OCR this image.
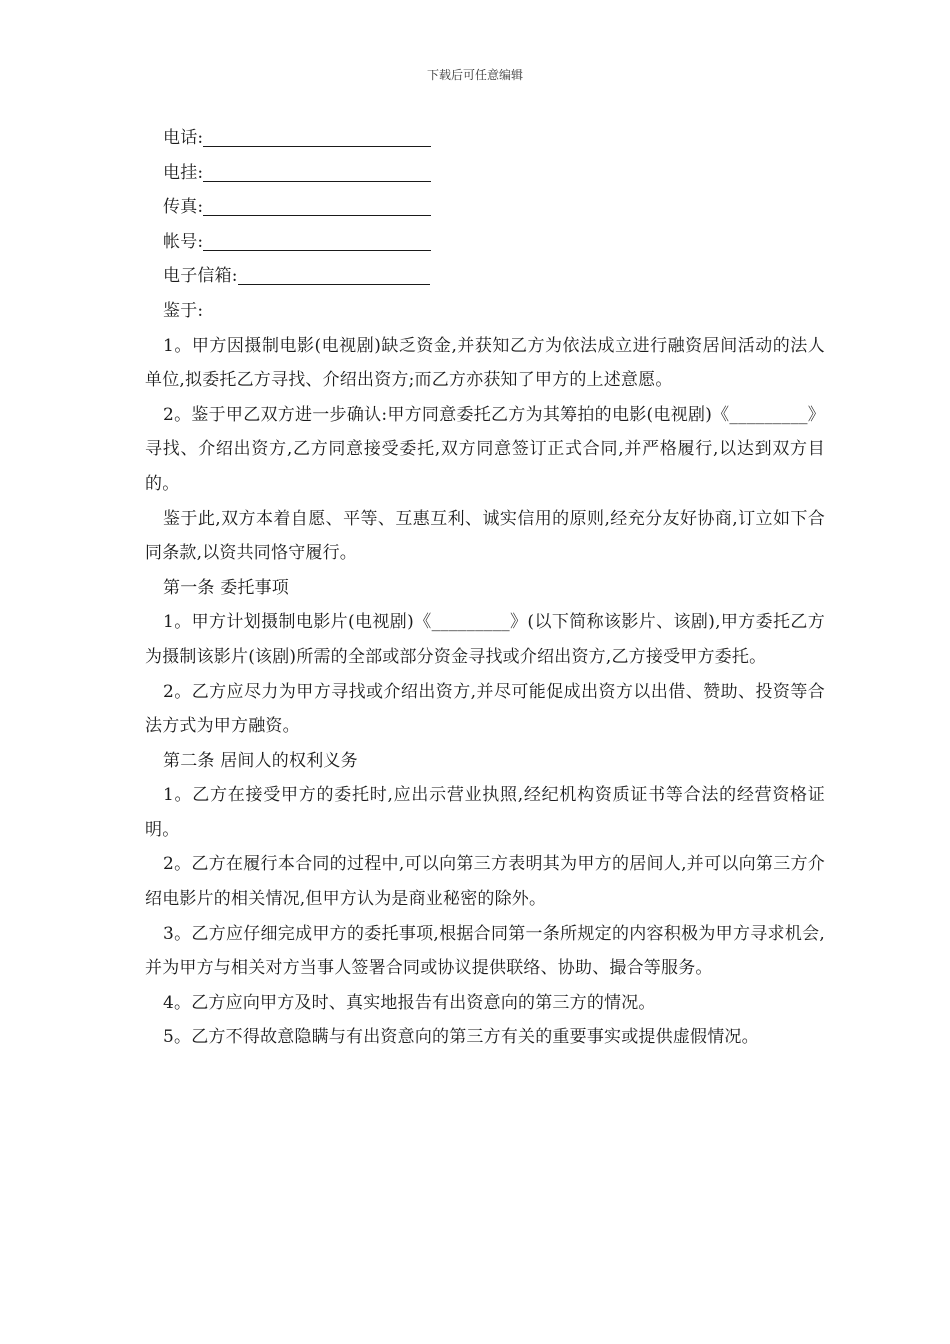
下载后可任意编辑
电话:
电挂:
传真:
帐号:
电子信箱:
鉴于:
1。甲方因摄制电影(电视剧)缺乏资金,并获知乙方为依法成立进行融资居间活动的法人单位,拟委托乙方寻找、介绍出资方;而乙方亦获知了甲方的上述意愿。
2。鉴于甲乙双方进一步确认:甲方同意委托乙方为其筹拍的电影(电视剧)《_________》寻找、介绍出资方,乙方同意接受委托,双方同意签订正式合同,并严格履行,以达到双方目的。
鉴于此,双方本着自愿、平等、互惠互利、诚实信用的原则,经充分友好协商,订立如下合同条款,以资共同恪守履行。
第一条 委托事项
1。甲方计划摄制电影片(电视剧)《_________》(以下简称该影片、该剧),甲方委托乙方为摄制该影片(该剧)所需的全部或部分资金寻找或介绍出资方,乙方接受甲方委托。
2。乙方应尽力为甲方寻找或介绍出资方,并尽可能促成出资方以出借、赞助、投资等合法方式为甲方融资。
第二条 居间人的权利义务
1。乙方在接受甲方的委托时,应出示营业执照,经纪机构资质证书等合法的经营资格证明。
2。乙方在履行本合同的过程中,可以向第三方表明其为甲方的居间人,并可以向第三方介绍电影片的相关情况,但甲方认为是商业秘密的除外。
3。乙方应仔细完成甲方的委托事项,根据合同第一条所规定的内容积极为甲方寻求机会,并为甲方与相关对方当事人签署合同或协议提供联络、协助、撮合等服务。
4。乙方应向甲方及时、真实地报告有出资意向的第三方的情况。
5。乙方不得故意隐瞒与有出资意向的第三方有关的重要事实或提供虚假情况。
